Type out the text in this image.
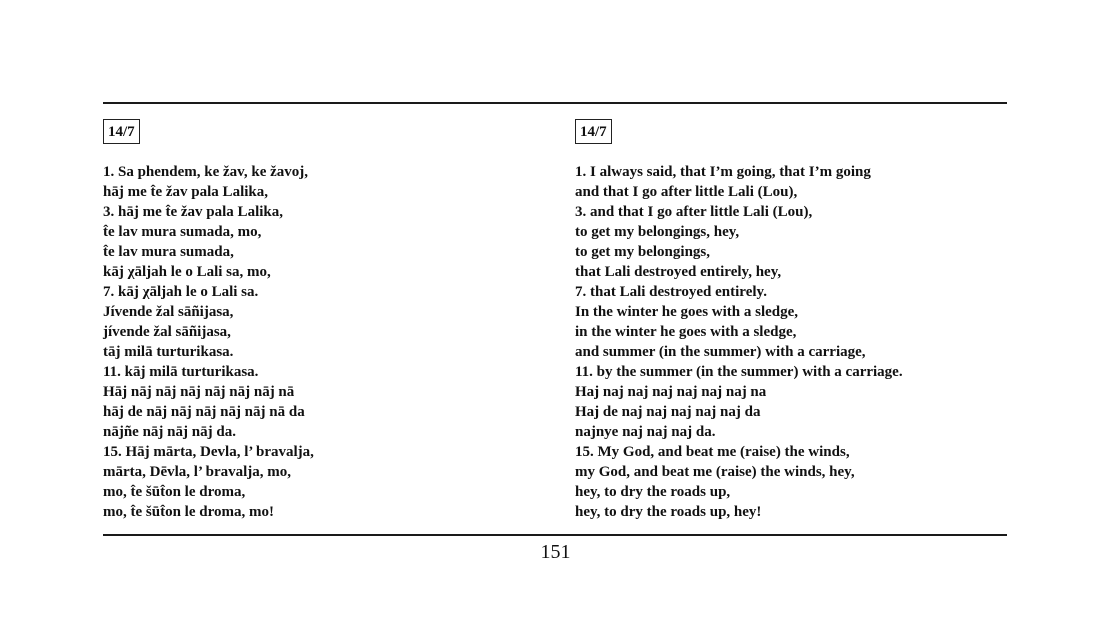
14/7
1. Sa phendem, ke žav, ke žavoj,
hāj me t̂e žav pala Lalika,
3. hāj me t̂e žav pala Lalika,
t̂e lav mura sumada, mo,
t̂e lav mura sumada,
kāj χāljah le o Lali sa, mo,
7. kāj χāljah le o Lali sa.
Jívende žal sāñijasa,
jívende žal sāñijasa,
tāj milā turturikasa.
11. kāj milā turturikasa.
Hāj nāj nāj nāj nāj nāj nāj nā
hāj de nāj nāj nāj nāj nāj nā da
nājñe nāj nāj nāj da.
15. Hāj mārta, Devla, l’ bravalja,
mārta, Dēvla, l’ bravalja, mo,
mo, t̂e šūt̂on le droma,
mo, t̂e šūt̂on le droma, mo!
14/7
1. I always said, that I’m going, that I’m going
and that I go after little Lali (Lou),
3. and that I go after little Lali (Lou),
to get my belongings, hey,
to get my belongings,
that Lali destroyed entirely, hey,
7. that Lali destroyed entirely.
In the winter he goes with a sledge,
in the winter he goes with a sledge,
and summer (in the summer) with a carriage,
11. by the summer (in the summer) with a carriage.
Haj naj naj naj naj naj naj na
Haj de naj naj naj naj naj da
najnye naj naj naj da.
15. My God, and beat me (raise) the winds,
my God, and beat me (raise) the winds, hey,
hey, to dry the roads up,
hey, to dry the roads up, hey!
151
